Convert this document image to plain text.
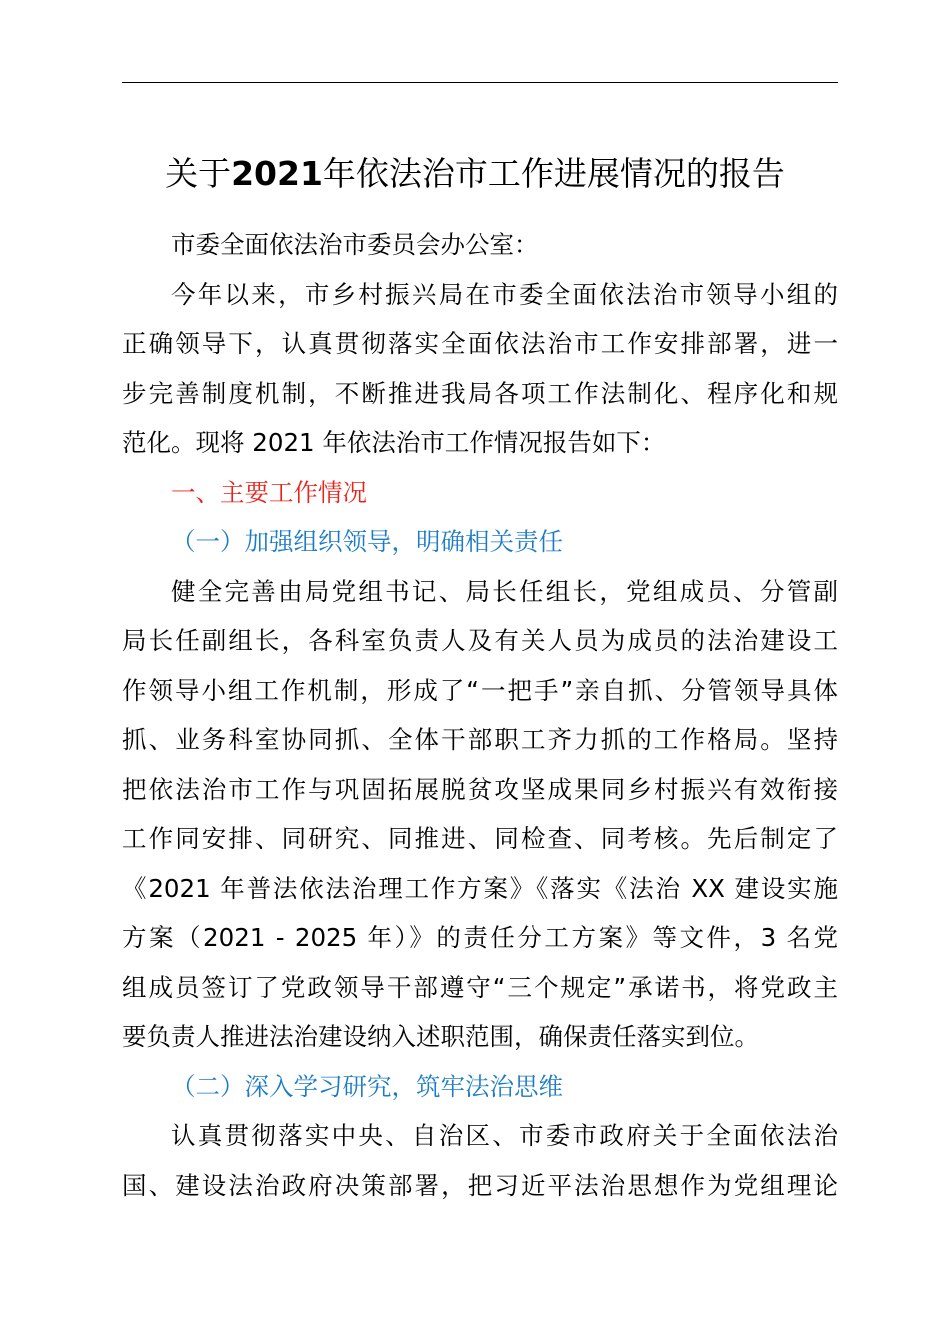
关于2021年依法治市工作进展情况的报告
市委全面依法治市委员会办公室：
今年以来，市乡村振兴局在市委全面依法治市领导小组的
正确领导下，认真贯彻落实全面依法治市工作安排部署，进一
步完善制度机制，不断推进我局各项工作法制化、程序化和规
范化。现将 2021 年依法治市工作情况报告如下：
一、主要工作情况
（一）加强组织领导，明确相关责任
健全完善由局党组书记、局长任组长，党组成员、分管副
局长任副组长，各科室负责人及有关人员为成员的法治建设工
作领导小组工作机制，形成了“一把手”亲自抓、分管领导具体
抓、业务科室协同抓、全体干部职工齐力抓的工作格局。坚持
把依法治市工作与巩固拓展脱贫攻坚成果同乡村振兴有效衔接
工作同安排、同研究、同推进、同检查、同考核。先后制定了
《2021 年普法依法治理工作方案》《落实《法治 XX 建设实施
方案（2021 - 2025 年）》的责任分工方案》等文件，3 名党
组成员签订了党政领导干部遵守“三个规定”承诺书，将党政主
要负责人推进法治建设纳入述职范围，确保责任落实到位。
（二）深入学习研究，筑牢法治思维
认真贯彻落实中央、自治区、市委市政府关于全面依法治
国、建设法治政府决策部署，把习近平法治思想作为党组理论
